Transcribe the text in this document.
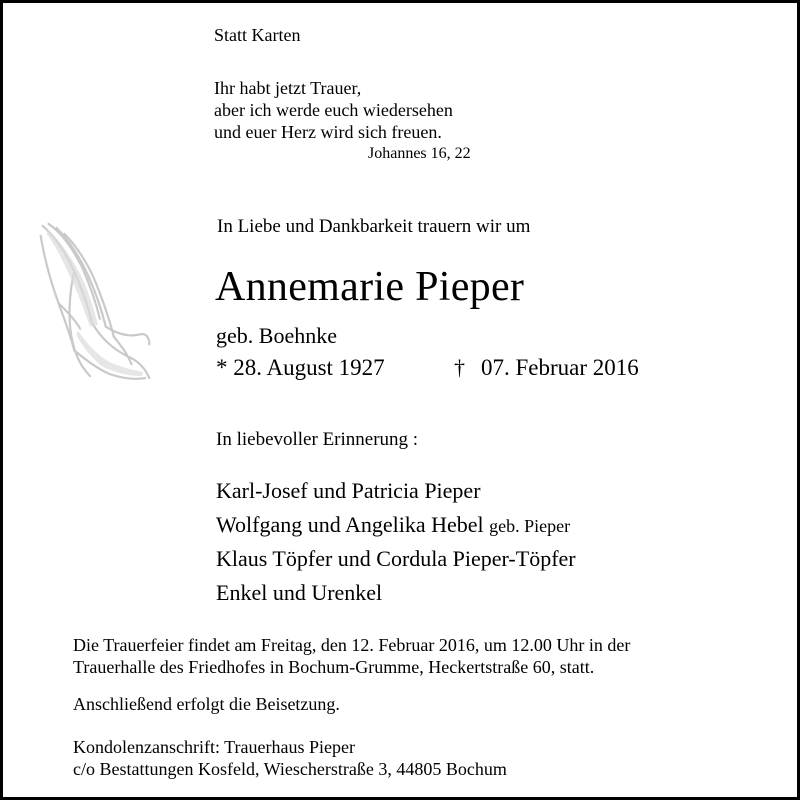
Statt Karten

Ihr habt jetzt Trauer,

aber ich werde euch wiedersehen

und euer Herz wird sich freuen.

Johannes 16, 22

In Liebe und Dankbarkeit trauern wir um

Annemarie Pieper

geb. Boehnke

* 28. August 1927	† 07. Februar 2016

In liebevoller Erinnerung :

Karl-Josef und Patricia Pieper

Wolfgang und Angelika Hebel geb. Pieper

Klaus Töpfer und Cordula Pieper-Töpfer

Enkel und Urenkel

Die Trauerfeier findet am Freitag, den 12. Februar 2016, um 12.00 Uhr in der

Trauerhalle des Friedhofes in Bochum-Grumme, Heckertstraße 60, statt.

Anschließend erfolgt die Beisetzung.

Kondolenzanschrift: Trauerhaus Pieper

c/o Bestattungen Kosfeld, Wiescherstraße 3, 44805 Bochum
